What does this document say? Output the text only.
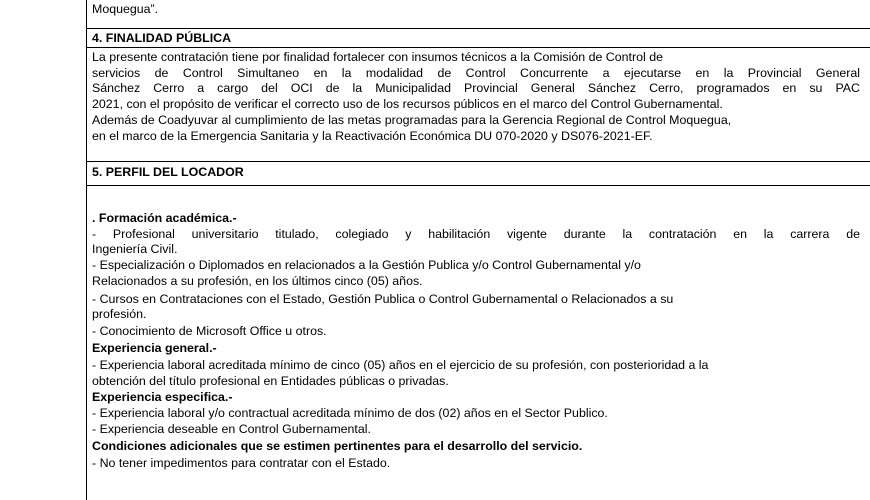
Moquegua”.
4. FINALIDAD PÚBLICA
La presente contratación tiene por finalidad fortalecer con insumos técnicos a la Comisión de Control de
servicios de Control Simultaneo en la modalidad de Control Concurrente a ejecutarse en la Provincial General
Sánchez Cerro a cargo del OCI de la Municipalidad Provincial General Sánchez Cerro, programados en su PAC
2021, con el propósito de verificar el correcto uso de los recursos públicos en el marco del Control Gubernamental.
Además de Coadyuvar al cumplimiento de las metas programadas para la Gerencia Regional de Control Moquegua,
en el marco de la Emergencia Sanitaria y la Reactivación Económica DU 070-2020 y DS076-2021-EF.
5. PERFIL DEL LOCADOR
. Formación académica.-
- Profesional universitario titulado, colegiado y habilitación vigente durante la contratación en la carrera de
Ingeniería Civil.
- Especialización o Diplomados en relacionados a la Gestión Publica y/o Control Gubernamental y/o
Relacionados a su profesión, en los últimos cinco (05) años.
- Cursos en Contrataciones con el Estado, Gestión Publica o Control Gubernamental o Relacionados a su
profesión.
- Conocimiento de Microsoft Office u otros.
Experiencia general.-
- Experiencia laboral acreditada mínimo de cinco (05) años en el ejercicio de su profesión, con posterioridad a la
obtención del título profesional en Entidades públicas o privadas.
Experiencia especifica.-
- Experiencia laboral y/o contractual acreditada mínimo de dos (02) años en el Sector Publico.
- Experiencia deseable en Control Gubernamental.
Condiciones adicionales que se estimen pertinentes para el desarrollo del servicio.
- No tener impedimentos para contratar con el Estado.
